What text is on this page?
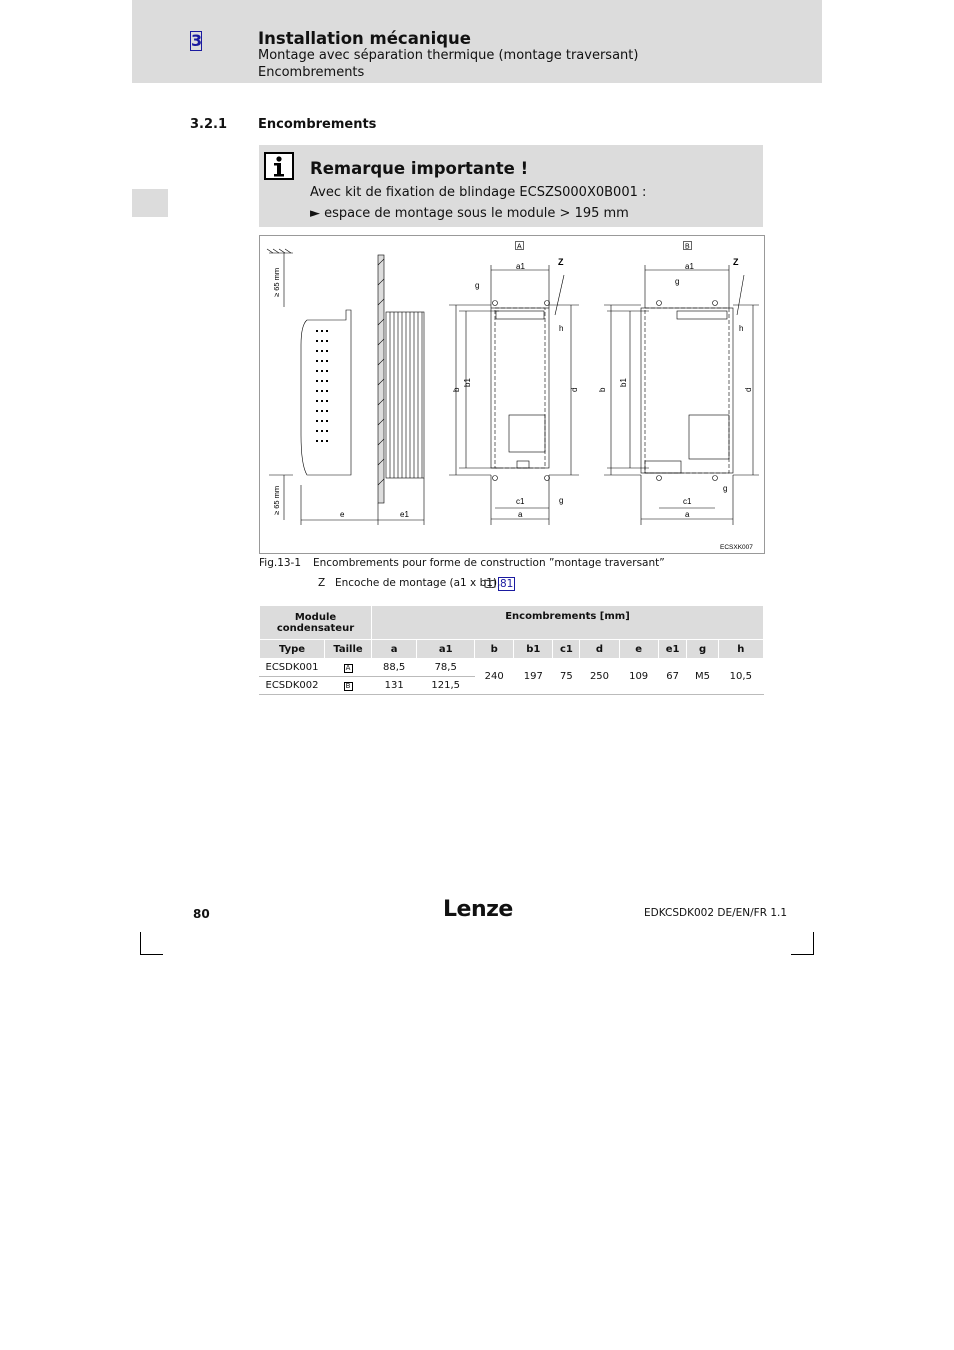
3	Installation mécanique
Montage avec séparation thermique (montage traversant)
Encombrements
3.2.1 Encombrements
Remarque importante !
Avec kit de fixation de blindage ECSZS000X0B001 :
► espace de montage sous le module > 195 mm
≥ 65 mm
≥ 65 mm	e	e1
A	B
a1	Z
g
h
b
b1
d
c1	g
a
a1	Z
g
h
b
b1
d
c1
g
a
ECSXK007
Fig.13-1 Encombrements pour forme de construction ”montage traversant”
Z Encoche de montage (a1 x b1), 81
Module condensateur		Encombrements [mm]									
Type	Taille	a	a1	b	b1	c1	d	e	e1	g	h
ECSDK001	A	88,5	78,5	240	197	75	250	109	67	M5	10,5
ECSDK002	B	131	121,5								
80	Lenze	EDKCSDK002 DE/EN/FR 1.1
